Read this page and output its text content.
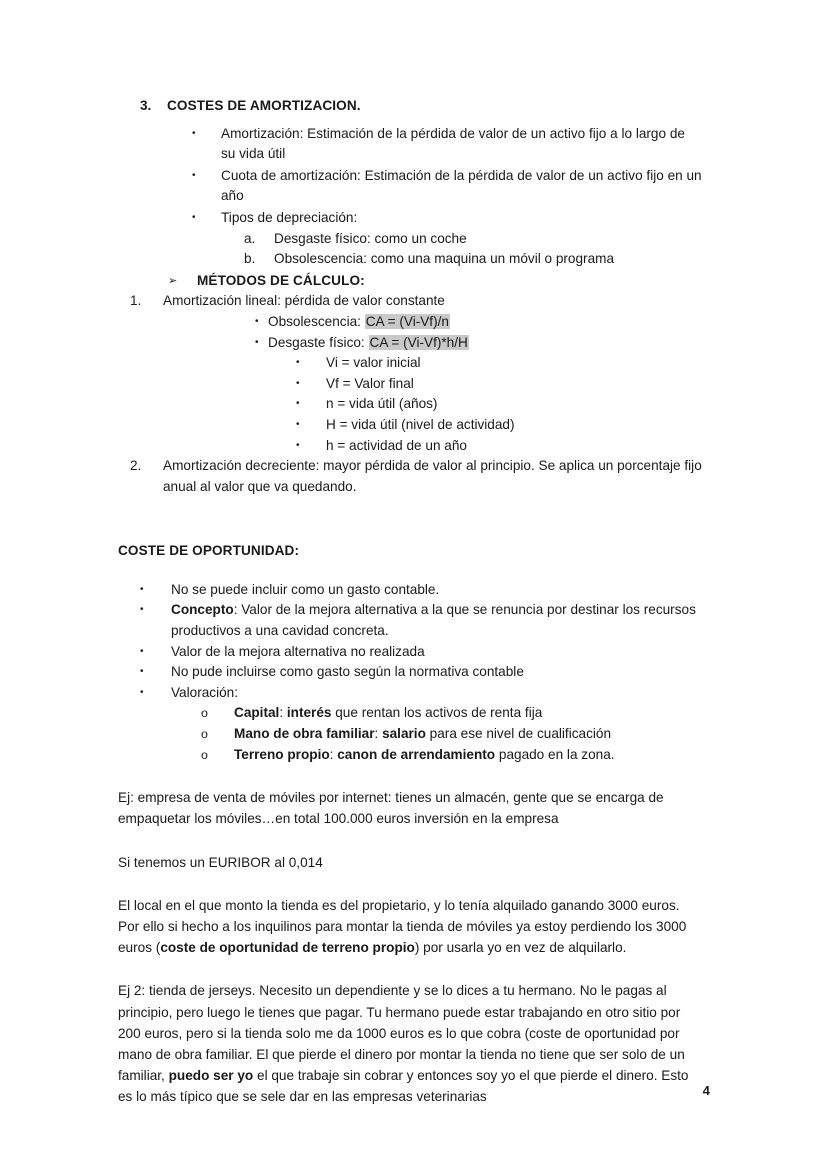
3.	COSTES DE AMORTIZACION.
•	Amortización: Estimación de la pérdida de valor de un activo fijo a lo largo de su vida útil
•	Cuota de amortización: Estimación de la pérdida de valor de un activo fijo en un año
•	Tipos de depreciación:
a.	Desgaste físico: como un coche
b.	Obsolescencia: como una maquina un móvil o programa
➢	MÉTODOS DE CÁLCULO:
1.	Amortización lineal: pérdida de valor constante
• Obsolescencia: CA = (Vi-Vf)/n
• Desgaste físico: CA = (Vi-Vf)*h/H
•	Vi = valor inicial
•	Vf = Valor final
•	n = vida útil (años)
•	H = vida útil (nivel de actividad)
•	h = actividad de un año
2.	Amortización decreciente: mayor pérdida de valor al principio. Se aplica un porcentaje fijo anual al valor que va quedando.
COSTE DE OPORTUNIDAD:
•	No se puede incluir como un gasto contable.
•	Concepto: Valor de la mejora alternativa a la que se renuncia por destinar los recursos productivos a una cavidad concreta.
•	Valor de la mejora alternativa no realizada
•	No pude incluirse como gasto según la normativa contable
•	Valoración:
o	Capital: interés que rentan los activos de renta fija
o	Mano de obra familiar: salario para ese nivel de cualificación
o	Terreno propio: canon de arrendamiento pagado en la zona.
Ej: empresa de venta de móviles por internet: tienes un almacén, gente que se encarga de empaquetar los móviles…en total 100.000 euros inversión en la empresa
Si tenemos un EURIBOR al 0,014
El local en el que monto la tienda es del propietario, y lo tenía alquilado ganando 3000 euros. Por ello si hecho a los inquilinos para montar la tienda de móviles ya estoy perdiendo los 3000 euros (coste de oportunidad de terreno propio) por usarla yo en vez de alquilarlo.
Ej 2: tienda de jerseys. Necesito un dependiente y se lo dices a tu hermano. No le pagas al principio, pero luego le tienes que pagar. Tu hermano puede estar trabajando en otro sitio por 200 euros, pero si la tienda solo me da 1000 euros es lo que cobra (coste de oportunidad por mano de obra familiar. El que pierde el dinero por montar la tienda no tiene que ser solo de un familiar, puedo ser yo el que trabaje sin cobrar y entonces soy yo el que pierde el dinero. Esto es lo más típico que se sele dar en las empresas veterinarias	4
